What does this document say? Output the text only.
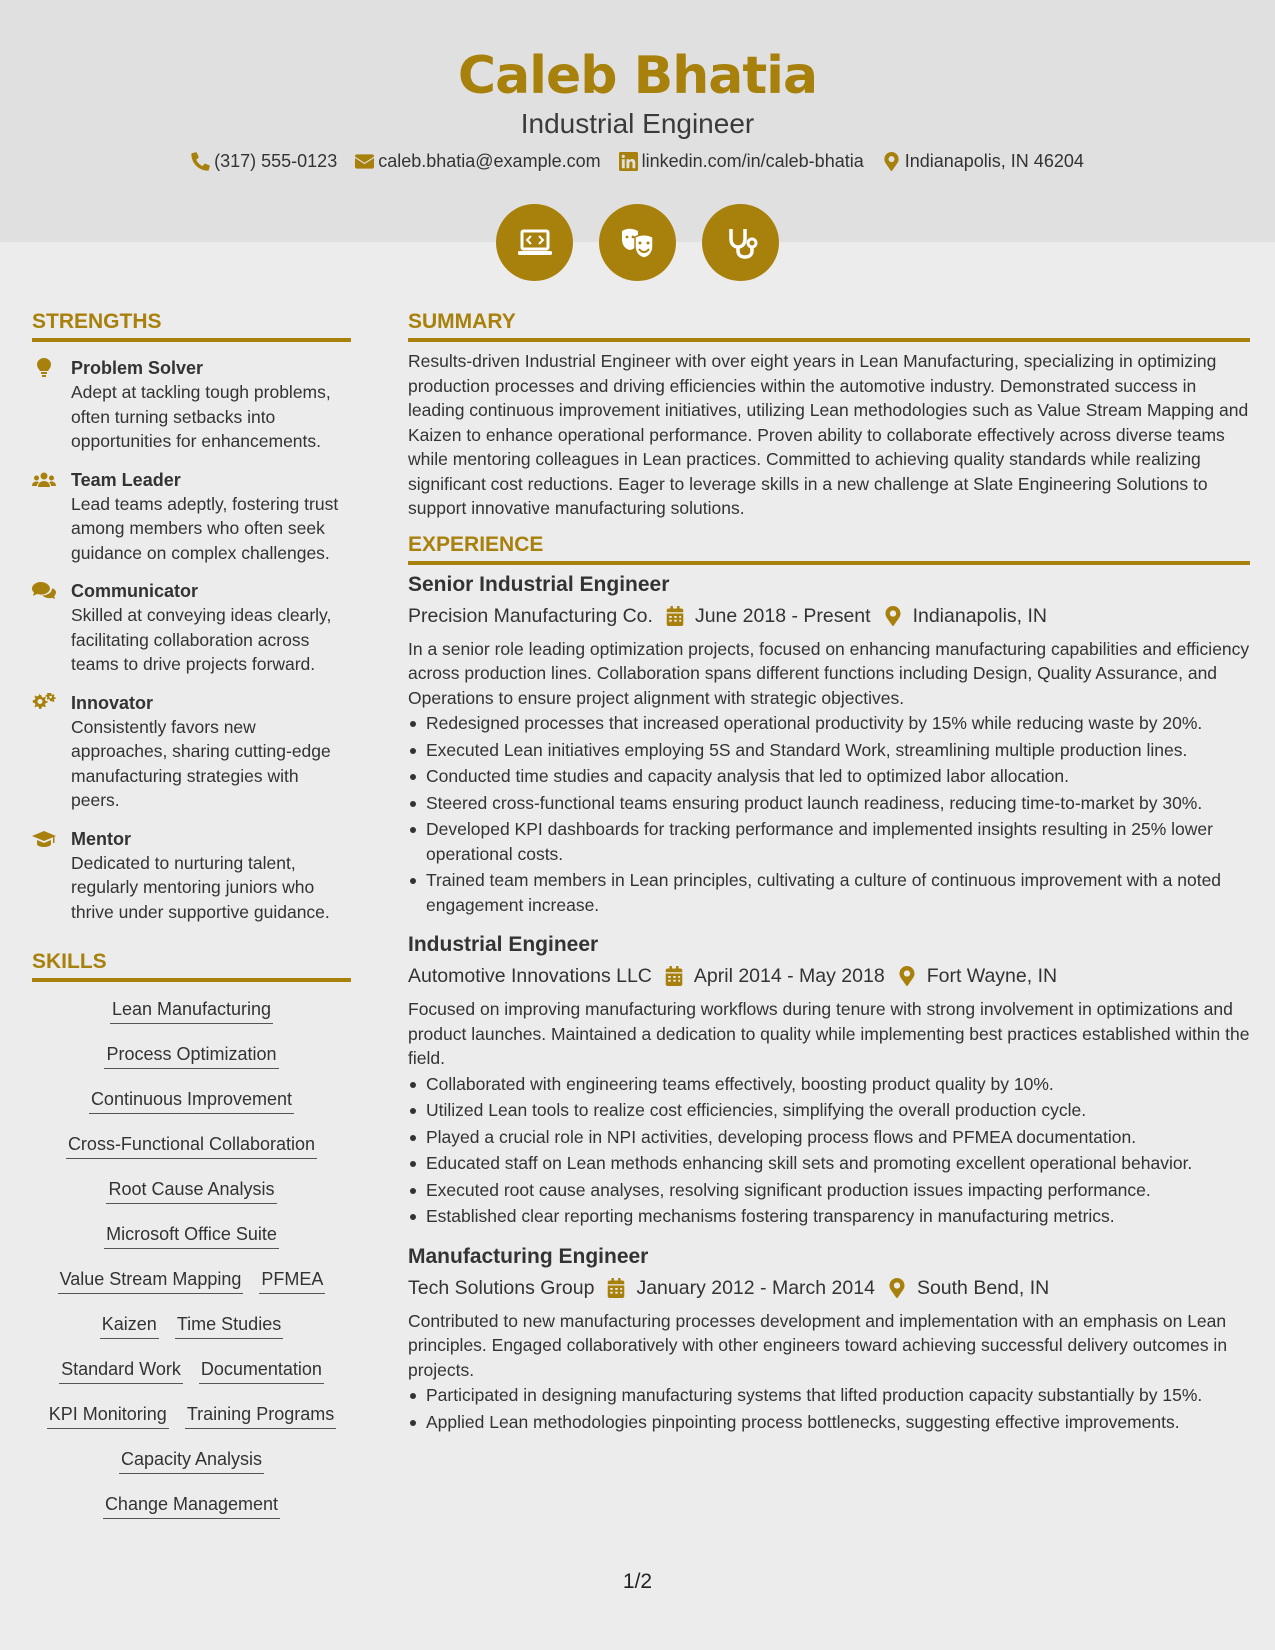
Caleb Bhatia
Industrial Engineer
(317) 555-0123 caleb.bhatia@example.com linkedin.com/in/caleb-bhatia Indianapolis, IN 46204
STRENGTHS
Problem Solver
Adept at tackling tough problems, often turning setbacks into opportunities for enhancements.
Team Leader
Lead teams adeptly, fostering trust among members who often seek guidance on complex challenges.
Communicator
Skilled at conveying ideas clearly, facilitating collaboration across teams to drive projects forward.
Innovator
Consistently favors new approaches, sharing cutting-edge manufacturing strategies with peers.
Mentor
Dedicated to nurturing talent, regularly mentoring juniors who thrive under supportive guidance.
SKILLS
Lean Manufacturing
Process Optimization
Continuous Improvement
Cross-Functional Collaboration
Root Cause Analysis
Microsoft Office Suite
Value Stream Mapping PFMEA
Kaizen Time Studies
Standard Work Documentation
KPI Monitoring Training Programs
Capacity Analysis
Change Management
SUMMARY

Results-driven Industrial Engineer with over eight years in Lean Manufacturing, specializing in optimizing production processes and driving efficiencies within the automotive industry. Demonstrated success in leading continuous improvement initiatives, utilizing Lean methodologies such as Value Stream Mapping and Kaizen to enhance operational performance. Proven ability to collaborate effectively across diverse teams while mentoring colleagues in Lean practices. Committed to achieving quality standards while realizing significant cost reductions. Eager to leverage skills in a new challenge at Slate Engineering Solutions to support innovative manufacturing solutions.

EXPERIENCE
Senior Industrial Engineer
Precision Manufacturing Co. June 2018 - Present Indianapolis, IN

In a senior role leading optimization projects, focused on enhancing manufacturing capabilities and efficiency across production lines. Collaboration spans different functions including Design, Quality Assurance, and Operations to ensure project alignment with strategic objectives.

Redesigned processes that increased operational productivity by 15% while reducing waste by 20%.
Executed Lean initiatives employing 5S and Standard Work, streamlining multiple production lines.
Conducted time studies and capacity analysis that led to optimized labor allocation.
Steered cross-functional teams ensuring product launch readiness, reducing time-to-market by 30%.
Developed KPI dashboards for tracking performance and implemented insights resulting in 25% lower operational costs.
Trained team members in Lean principles, cultivating a culture of continuous improvement with a noted engagement increase.
Industrial Engineer
Automotive Innovations LLC April 2014 - May 2018 Fort Wayne, IN

Focused on improving manufacturing workflows during tenure with strong involvement in optimizations and product launches. Maintained a dedication to quality while implementing best practices established within the field.

Collaborated with engineering teams effectively, boosting product quality by 10%.
Utilized Lean tools to realize cost efficiencies, simplifying the overall production cycle.
Played a crucial role in NPI activities, developing process flows and PFMEA documentation.
Educated staff on Lean methods enhancing skill sets and promoting excellent operational behavior.
Executed root cause analyses, resolving significant production issues impacting performance.
Established clear reporting mechanisms fostering transparency in manufacturing metrics.
Manufacturing Engineer
Tech Solutions Group January 2012 - March 2014 South Bend, IN

Contributed to new manufacturing processes development and implementation with an emphasis on Lean principles. Engaged collaboratively with other engineers toward achieving successful delivery outcomes in projects.

Participated in designing manufacturing systems that lifted production capacity substantially by 15%.
Applied Lean methodologies pinpointing process bottlenecks, suggesting effective improvements.
1/2
